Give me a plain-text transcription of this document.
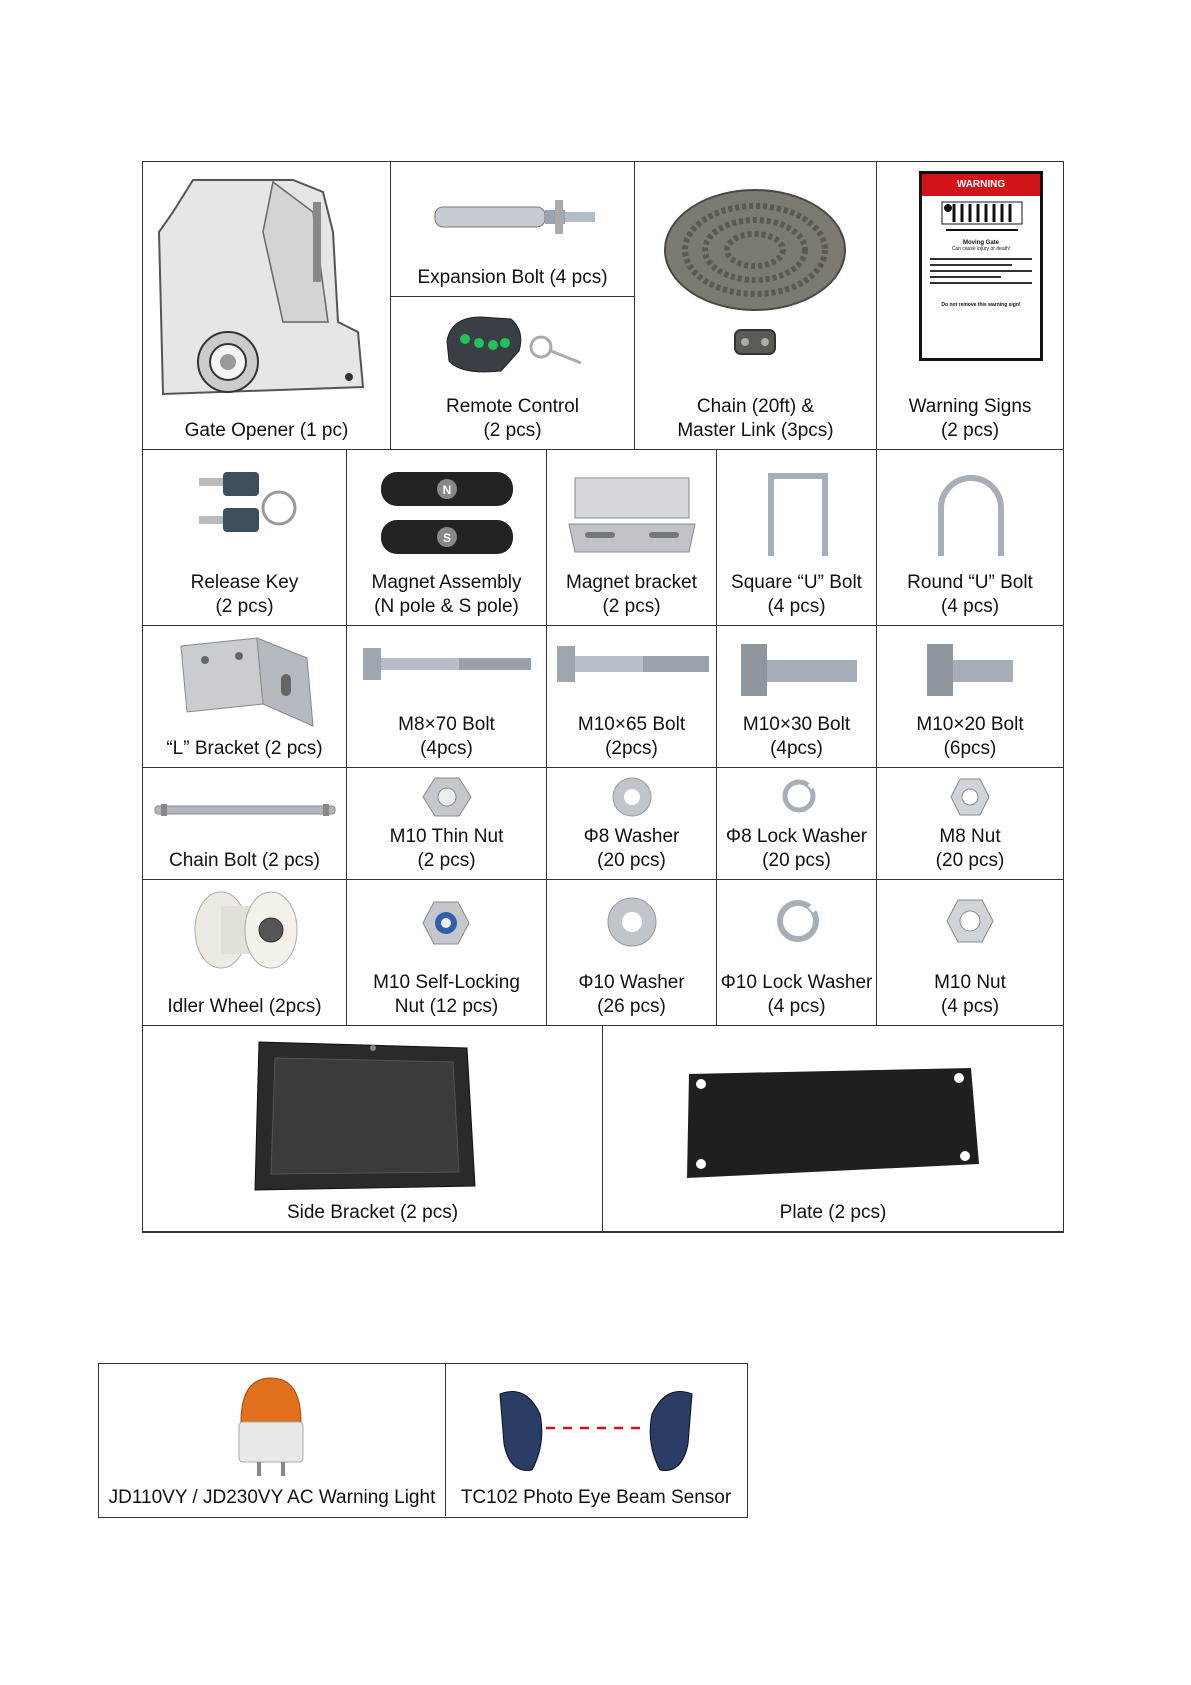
Gate Opener (1 pc)
Expansion Bolt (4 pcs)
Remote Control
(2 pcs)
Chain (20ft) &
Master Link (3pcs)
WARNING
Moving Gate
Can cause injury or death!
Do not remove this warning sign!
Warning Signs
(2 pcs)
Release Key
(2 pcs)
N
S
Magnet Assembly
(N pole & S pole)
Magnet bracket
(2 pcs)
Square “U” Bolt
(4 pcs)
Round “U” Bolt
(4 pcs)
“L” Bracket (2 pcs)
M8×70 Bolt
(4pcs)
M10×65 Bolt
(2pcs)
M10×30 Bolt
(4pcs)
M10×20 Bolt
(6pcs)
Chain Bolt (2 pcs)
M10 Thin Nut
(2 pcs)
Φ8 Washer
(20 pcs)
Φ8 Lock Washer
(20 pcs)
M8 Nut
(20 pcs)
Idler Wheel (2pcs)
M10 Self-Locking
Nut (12 pcs)
Φ10 Washer
(26 pcs)
Φ10 Lock Washer
(4 pcs)
M10 Nut
(4 pcs)
Side Bracket (2 pcs)	Plate (2 pcs)
JD110VY / JD230VY AC Warning Light	TC102 Photo Eye Beam Sensor
